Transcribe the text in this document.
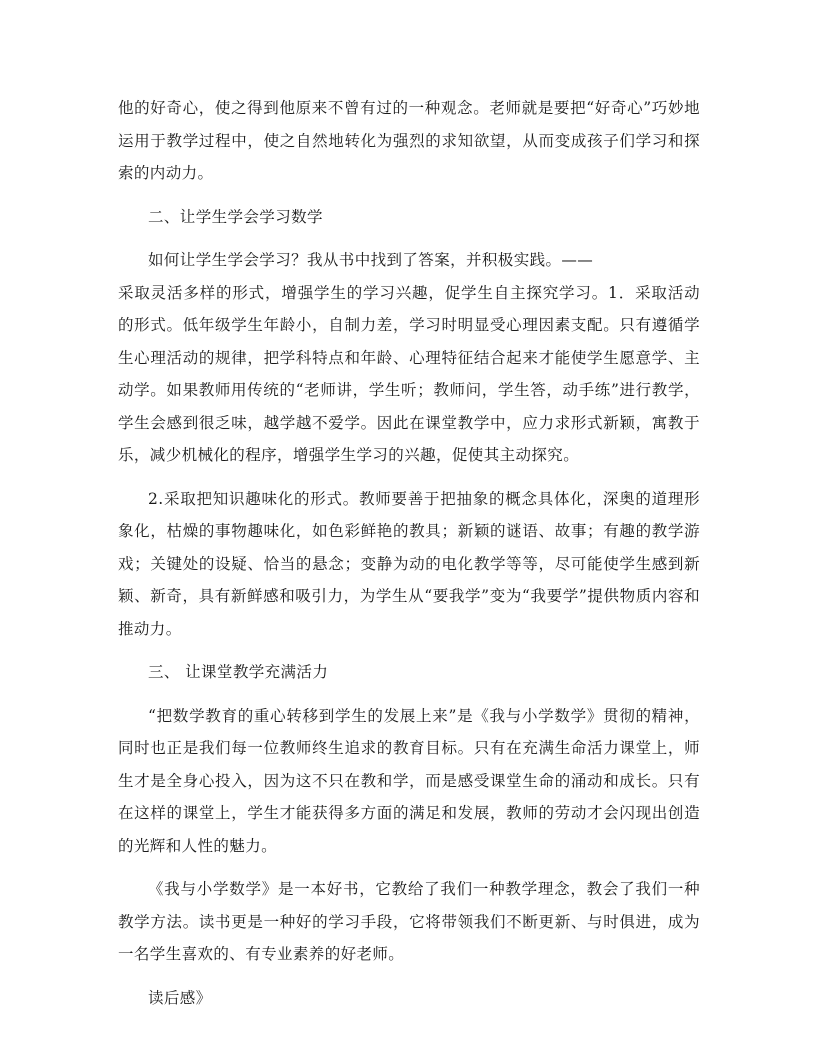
他的好奇心，使之得到他原来不曾有过的一种观念。老师就是要把“好奇心”巧妙地运用于教学过程中，使之自然地转化为强烈的求知欲望，从而变成孩子们学习和探索的内动力。

二、让学生学会学习数学

如何让学生学会学习？我从书中找到了答案，并积极实践。——

采取灵活多样的形式，增强学生的学习兴趣，促学生自主探究学习。1．采取活动的形式。低年级学生年龄小，自制力差，学习时明显受心理因素支配。只有遵循学生心理活动的规律，把学科特点和年龄、心理特征结合起来才能使学生愿意学、主动学。如果教师用传统的“老师讲，学生听；教师问，学生答，动手练”进行教学，学生会感到很乏味，越学越不爱学。因此在课堂教学中，应力求形式新颖，寓教于乐，减少机械化的程序，增强学生学习的兴趣，促使其主动探究。

2.采取把知识趣味化的形式。教师要善于把抽象的概念具体化，深奥的道理形象化，枯燥的事物趣味化，如色彩鲜艳的教具；新颖的谜语、故事；有趣的教学游戏；关键处的设疑、恰当的悬念；变静为动的电化教学等等，尽可能使学生感到新颖、新奇，具有新鲜感和吸引力，为学生从“要我学”变为“我要学”提供物质内容和推动力。

三、 让课堂教学充满活力

“把数学教育的重心转移到学生的发展上来”是《我与小学数学》贯彻的精神，同时也正是我们每一位教师终生追求的教育目标。只有在充满生命活力课堂上，师生才是全身心投入，因为这不只在教和学，而是感受课堂生命的涌动和成长。只有在这样的课堂上，学生才能获得多方面的满足和发展，教师的劳动才会闪现出创造的光辉和人性的魅力。

《我与小学数学》是一本好书，它教给了我们一种教学理念，教会了我们一种教学方法。读书更是一种好的学习手段，它将带领我们不断更新、与时俱进，成为一名学生喜欢的、有专业素养的好老师。

读后感》
